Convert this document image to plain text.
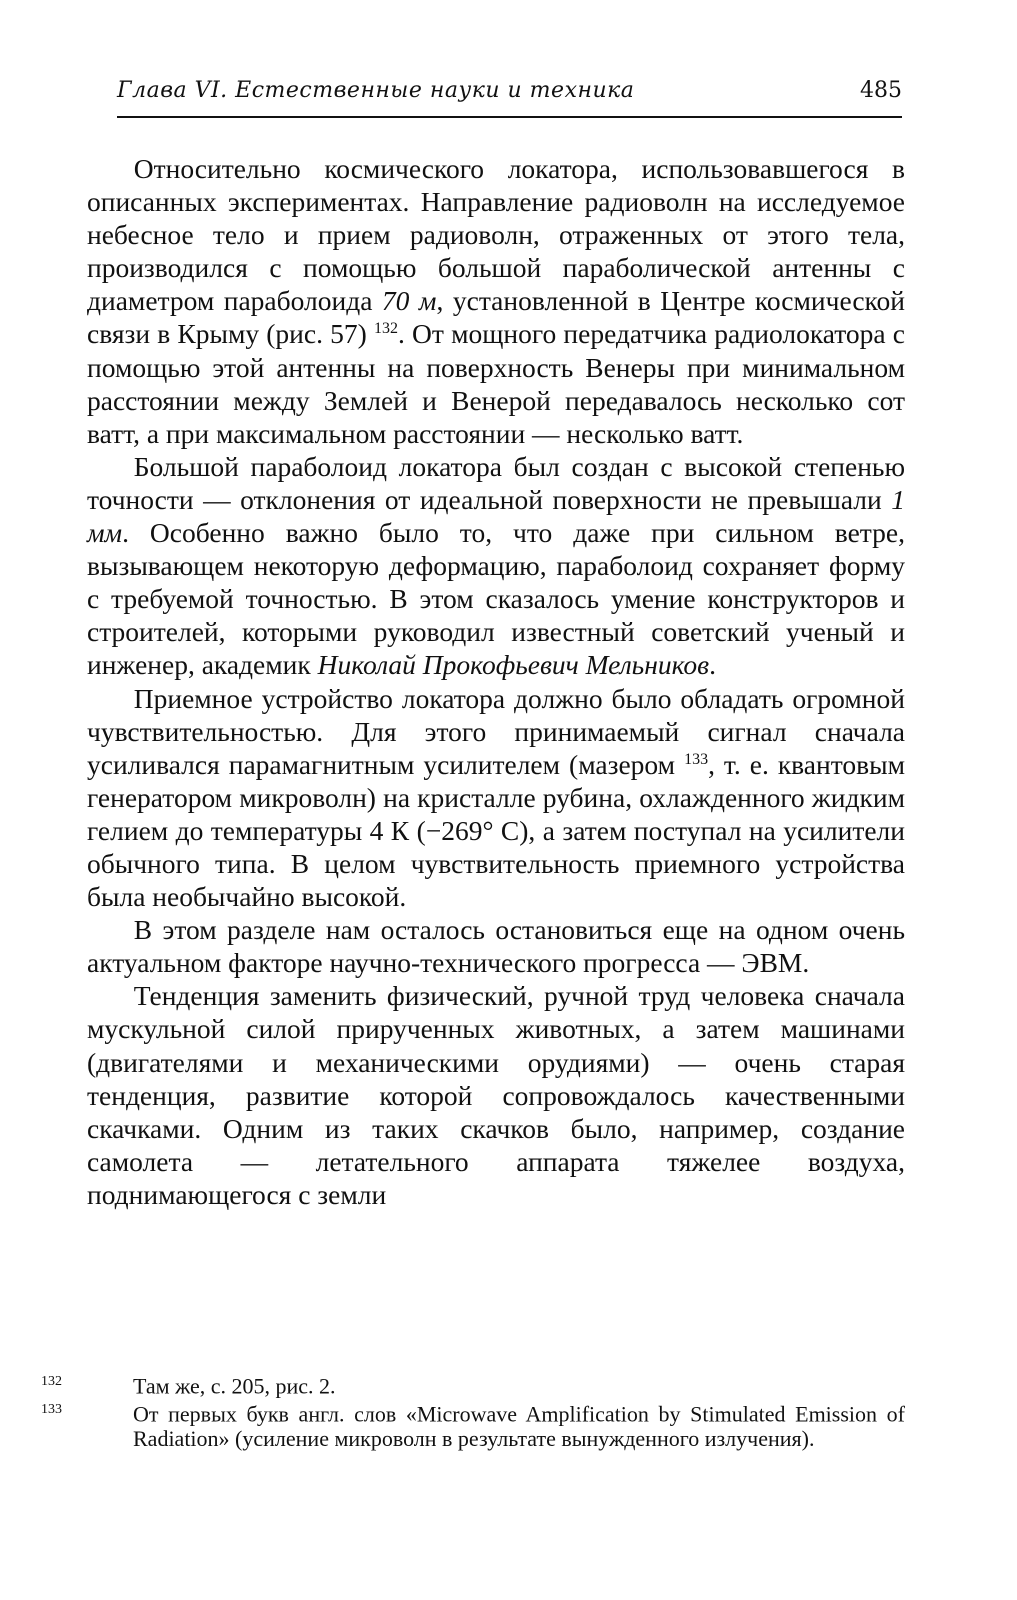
Глава VI. Естественные науки и техника	485

Относительно космического локатора, использовавшегося в описанных экспериментах. Направление радиоволн на исследуемое небесное тело и прием радиоволн, отраженных от этого тела, производился с помощью большой параболической антенны с диаметром параболоида 70 м, установленной в Центре космической связи в Крыму (рис. 57) $^{132}$. От мощного передатчика радиолокатора с помощью этой антенны на поверхность Венеры при минимальном расстоянии между Землей и Венерой передавалось несколько сот ватт, а при максимальном расстоянии — несколько ватт.

Большой параболоид локатора был создан с высокой степенью точности — отклонения от идеальной поверхности не превышали 1 мм. Особенно важно было то, что даже при сильном ветре, вызывающем некоторую деформацию, параболоид сохраняет форму с требуемой точностью. В этом сказалось умение конструкторов и строителей, которыми руководил известный советский ученый и инженер, академик Николай Прокофьевич Мельников.

Приемное устройство локатора должно было обладать огромной чувствительностью. Для этого принимаемый сигнал сначала усиливался парамагнитным усилителем (мазером $^{133}$, т. е. квантовым генератором микроволн) на кристалле рубина, охлажденного жидким гелием до температуры 4 К (−269° С), а затем поступал на усилители обычного типа. В целом чувствительность приемного устройства была необычайно высокой.

В этом разделе нам осталось остановиться еще на одном очень актуальном факторе научно-технического прогресса — ЭВМ.

Тенденция заменить физический, ручной труд человека сначала мускульной силой прирученных животных, а затем машинами (двигателями и механическими орудиями) — очень старая тенденция, развитие которой сопровождалось качественными скачками. Одним из таких скачков было, например, создание самолета — летательного аппарата тяжелее воздуха, поднимающегося с земли

132	Там же, с. 205, рис. 2.

133	От первых букв англ. слов «Microwave Amplification by Stimulated Emission of Radiation» (усиление микроволн в результате вынужденного излучения).
